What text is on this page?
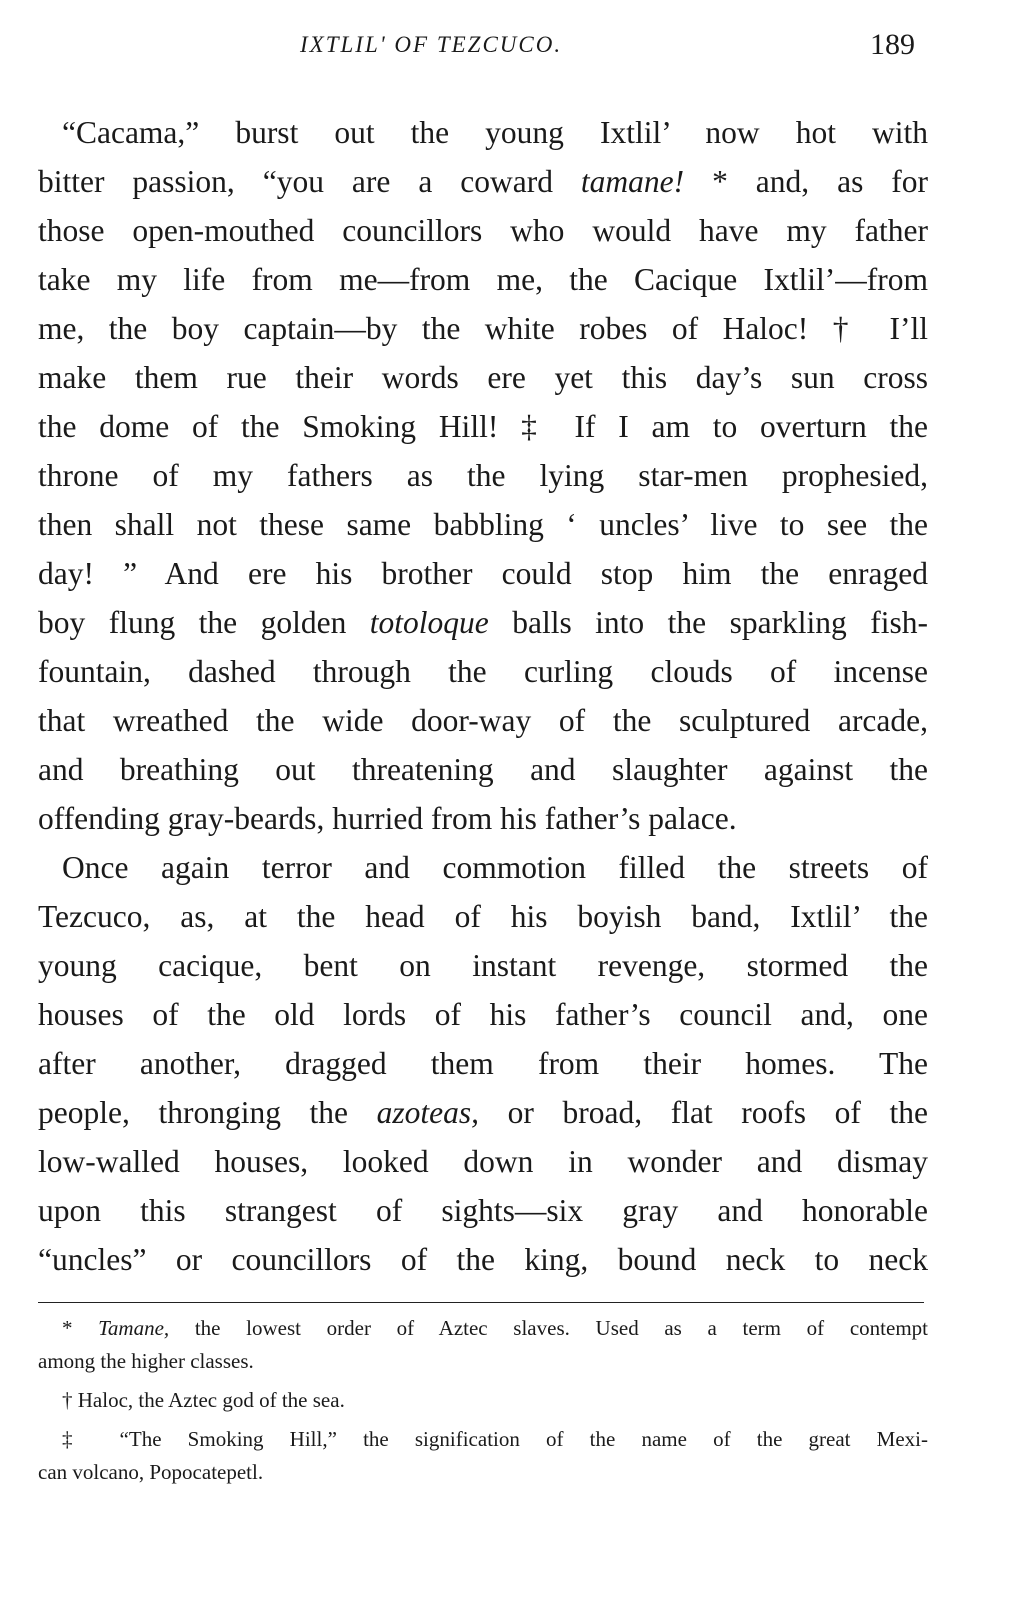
IXTLIL' OF TEZCUCO.	189

“Cacama,” burst out the young Ixtlil’ now hot with
bitter passion, “you are a coward tamane! * and, as for
those open-mouthed councillors who would have my father
take my life from me—from me, the Cacique Ixtlil’—from
me, the boy captain—by the white robes of Haloc! † I’ll
make them rue their words ere yet this day’s sun cross
the dome of the Smoking Hill! ‡ If I am to overturn the
throne of my fathers as the lying star-men prophesied,
then shall not these same babbling ‘ uncles’ live to see the
day! ” And ere his brother could stop him the enraged
boy flung the golden totoloque balls into the sparkling fish-
fountain, dashed through the curling clouds of incense
that wreathed the wide door-way of the sculptured arcade,
and breathing out threatening and slaughter against the
offending gray-beards, hurried from his father’s palace.

Once again terror and commotion filled the streets of
Tezcuco, as, at the head of his boyish band, Ixtlil’ the
young cacique, bent on instant revenge, stormed the
houses of the old lords of his father’s council and, one
after another, dragged them from their homes. The
people, thronging the azoteas, or broad, flat roofs of the
low-walled houses, looked down in wonder and dismay
upon this strangest of sights—six gray and honorable
“uncles” or councillors of the king, bound neck to neck

* Tamane, the lowest order of Aztec slaves. Used as a term of contempt
among the higher classes.
† Haloc, the Aztec god of the sea.
‡ “The Smoking Hill,” the signification of the name of the great Mexi-
can volcano, Popocatepetl.
